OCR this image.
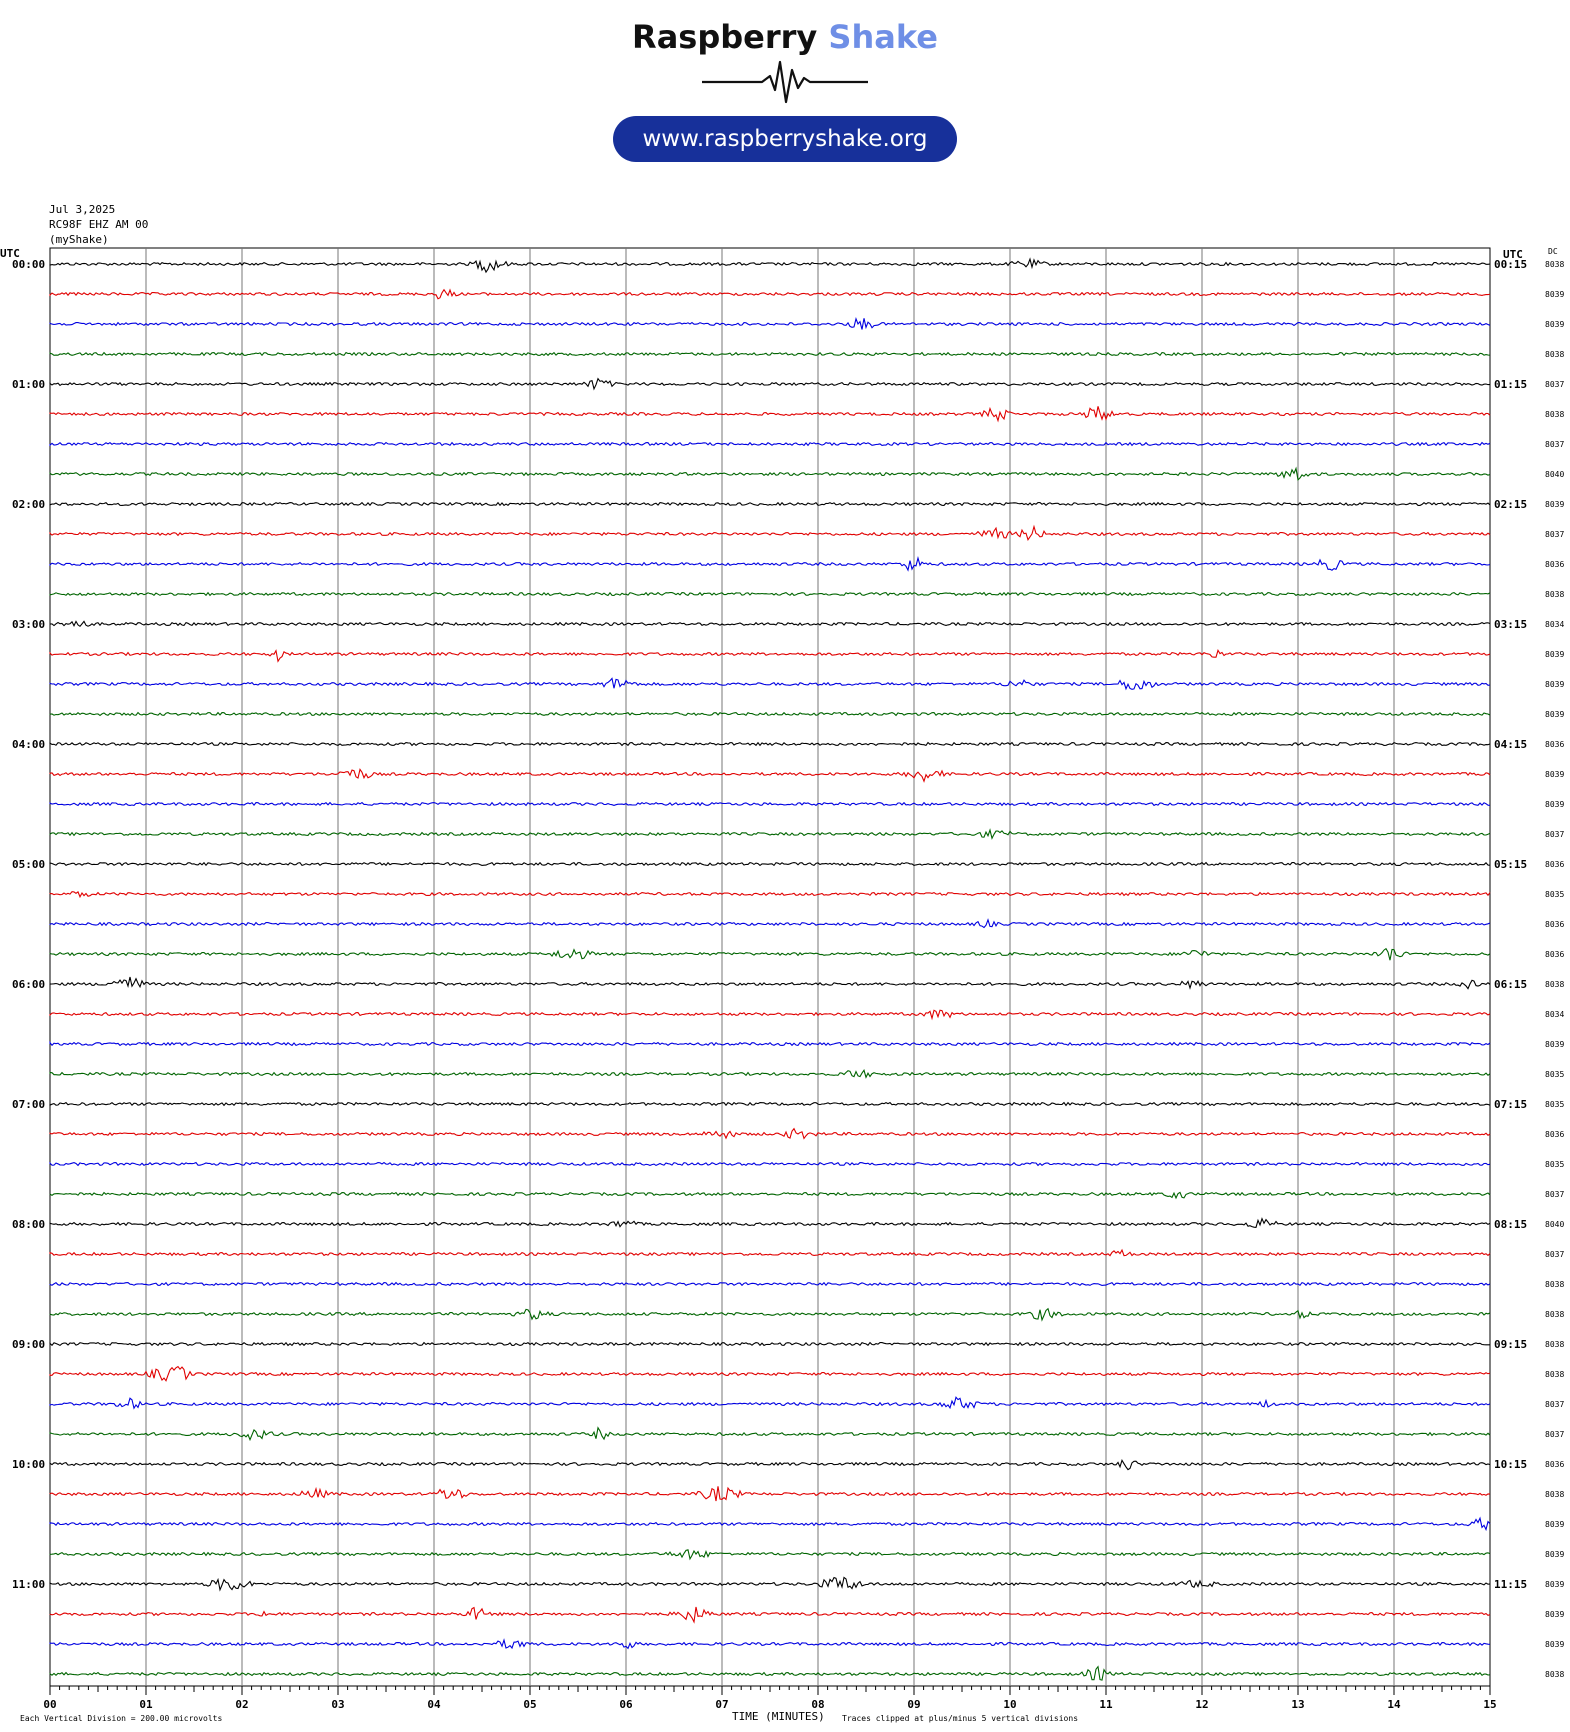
Raspberry Shake
www.raspberryshake.org
Jul 3,2025
RC98F EHZ AM 00
(myShake)
8038
8039
8039
8038
8037
8038
8037
8040
8039
8037
8036
8038
8034
8039
8039
8039
8036
8039
8039
8037
8036
8035
8036
8036
8038
8034
8039
8035
8035
8036
8035
8037
8040
8037
8038
8038
8038
8038
8037
8037
8036
8038
8039
8039
8039
8039
8039
8038
00:00
01:00
02:00
03:00
04:00
05:00
06:00
07:00
08:00
09:00
10:00
11:00
00:15
01:15
02:15
03:15
04:15
05:15
06:15
07:15
08:15
09:15
10:15
11:15
UTC	UTC	DC
00	01	02	03	04	05	06	07	08	09	10	11	12	13	14	15
TIME (MINUTES)
Each Vertical Division = 200.00 microvolts	Traces clipped at plus/minus 5 vertical divisions
